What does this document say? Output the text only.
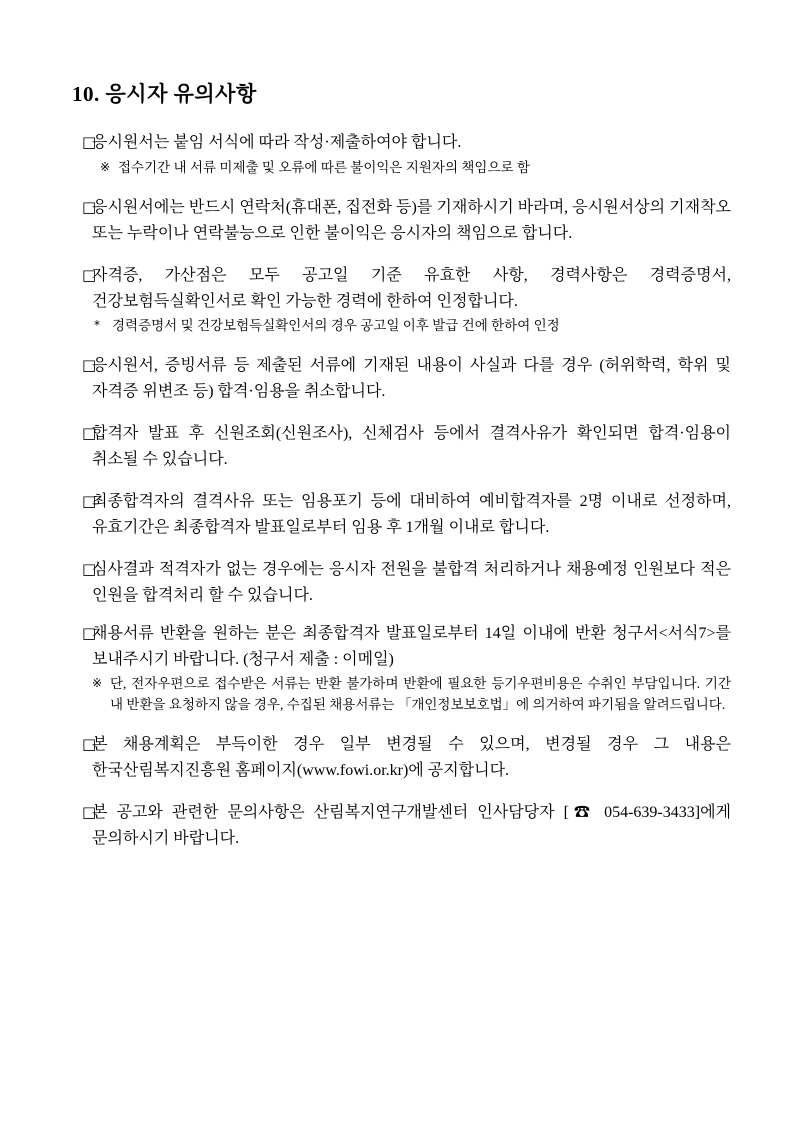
10. 응시자 유의사항
□

응시원서는 붙임 서식에 따라 작성·제출하여야 합니다.

※ 접수기간 내 서류 미제출 및 오류에 따른 불이익은 지원자의 책임으로 함
□

응시원서에는 반드시 연락처(휴대폰, 집전화 등)를 기재하시기 바라며, 응시원서상의 기재착오 또는 누락이나 연락불능으로 인한 불이익은 응시자의 책임으로 합니다.

□

자격증, 가산점은 모두 공고일 기준 유효한 사항, 경력사항은 경력증명서, 건강보험득실확인서로 확인 가능한 경력에 한하여 인정합니다.

* 경력증명서 및 건강보험득실확인서의 경우 공고일 이후 발급 건에 한하여 인정
□

응시원서, 증빙서류 등 제출된 서류에 기재된 내용이 사실과 다를 경우 (허위학력, 학위 및 자격증 위변조 등) 합격·임용을 취소합니다.

□

합격자 발표 후 신원조회(신원조사), 신체검사 등에서 결격사유가 확인되면 합격·임용이 취소될 수 있습니다.

□

최종합격자의 결격사유 또는 임용포기 등에 대비하여 예비합격자를 2명 이내로 선정하며, 유효기간은 최종합격자 발표일로부터 임용 후 1개월 이내로 합니다.

□

심사결과 적격자가 없는 경우에는 응시자 전원을 불합격 처리하거나 채용예정 인원보다 적은 인원을 합격처리 할 수 있습니다.

□

채용서류 반환을 원하는 분은 최종합격자 발표일로부터 14일 이내에 반환 청구서<서식7>를 보내주시기 바랍니다. (청구서 제출 : 이메일)

※ 단, 전자우편으로 접수받은 서류는 반환 불가하며 반환에 필요한 등기우편비용은 수취인 부담입니다. 기간 내 반환을 요청하지 않을 경우, 수집된 채용서류는 「개인정보보호법」에 의거하여 파기됨을 알려드립니다.
□

본 채용계획은 부득이한 경우 일부 변경될 수 있으며, 변경될 경우 그 내용은 한국산림복지진흥원 홈페이지(www.fowi.or.kr)에 공지합니다.

□

본 공고와 관련한 문의사항은 산림복지연구개발센터 인사담당자 [☎ 054-639-3433]에게 문의하시기 바랍니다.
